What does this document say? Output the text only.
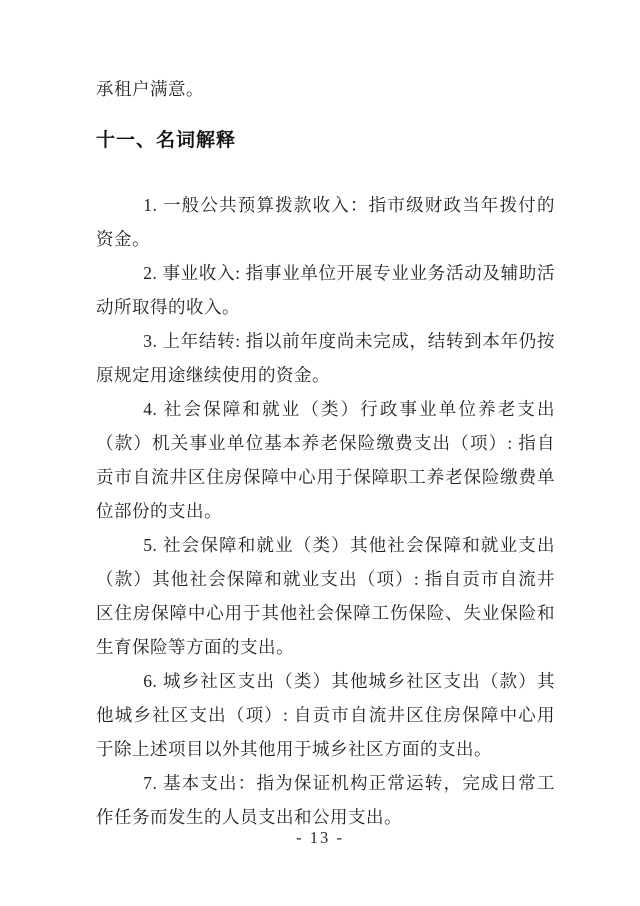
承租户满意。

十一、名词解释

1. 一般公共预算拨款收入：指市级财政当年拨付的资金。

2. 事业收入: 指事业单位开展专业业务活动及辅助活动所取得的收入。

3. 上年结转: 指以前年度尚未完成，结转到本年仍按原规定用途继续使用的资金。

4. 社会保障和就业（类）行政事业单位养老支出（款）机关事业单位基本养老保险缴费支出（项）: 指自贡市自流井区住房保障中心用于保障职工养老保险缴费单位部份的支出。

5. 社会保障和就业（类）其他社会保障和就业支出（款）其他社会保障和就业支出（项）: 指自贡市自流井区住房保障中心用于其他社会保障工伤保险、失业保险和生育保险等方面的支出。

6. 城乡社区支出（类）其他城乡社区支出（款）其他城乡社区支出（项）: 自贡市自流井区住房保障中心用于除上述项目以外其他用于城乡社区方面的支出。

7. 基本支出：指为保证机构正常运转，完成日常工作任务而发生的人员支出和公用支出。

- 13 -
